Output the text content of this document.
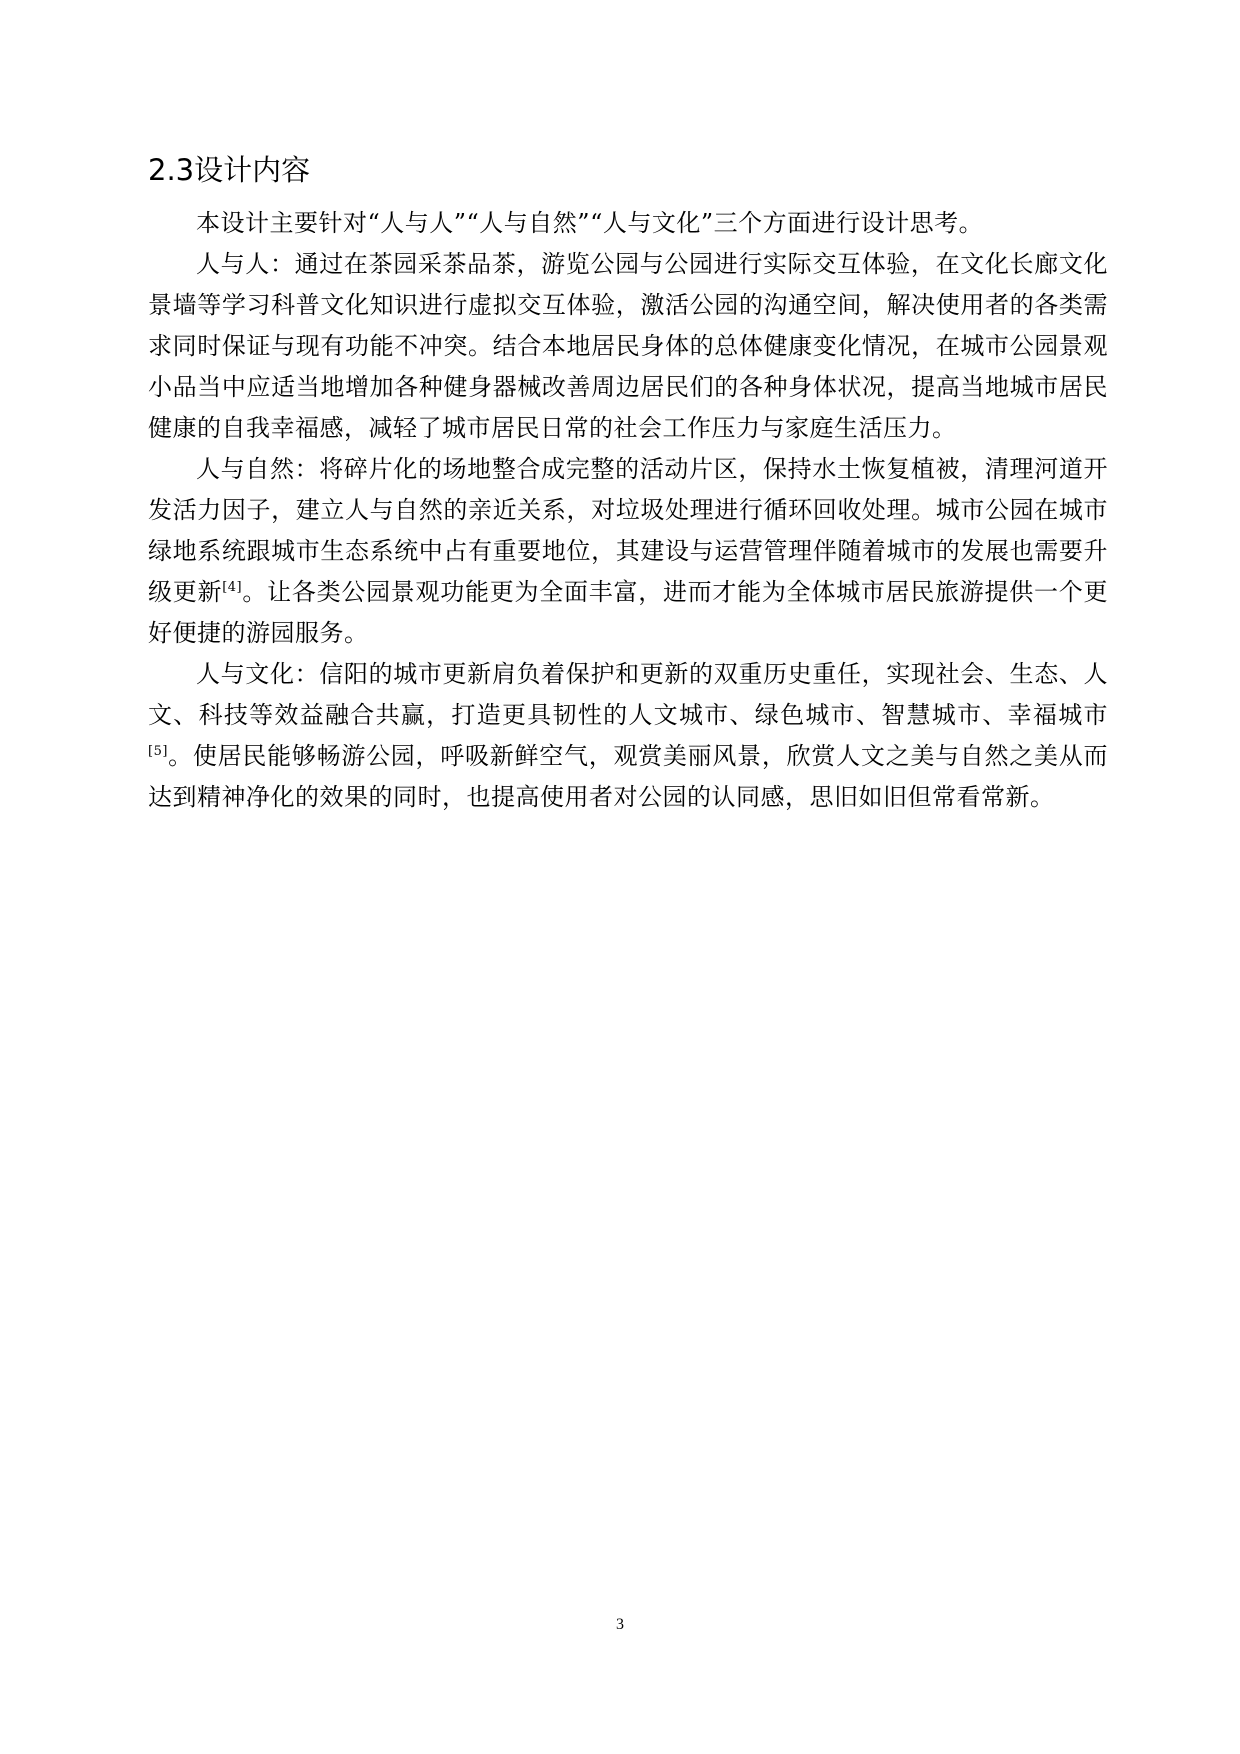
2.3设计内容

本设计主要针对“人与人”“人与自然”“人与文化”三个方面进行设计思考。

人与人：通过在茶园采茶品茶，游览公园与公园进行实际交互体验，在文化长廊文化景墙等学习科普文化知识进行虚拟交互体验，激活公园的沟通空间，解决使用者的各类需求同时保证与现有功能不冲突。结合本地居民身体的总体健康变化情况，在城市公园景观小品当中应适当地增加各种健身器械改善周边居民们的各种身体状况，提高当地城市居民健康的自我幸福感，减轻了城市居民日常的社会工作压力与家庭生活压力。

人与自然：将碎片化的场地整合成完整的活动片区，保持水土恢复植被，清理河道开发活力因子，建立人与自然的亲近关系，对垃圾处理进行循环回收处理。城市公园在城市绿地系统跟城市生态系统中占有重要地位，其建设与运营管理伴随着城市的发展也需要升级更新[4]。让各类公园景观功能更为全面丰富，进而才能为全体城市居民旅游提供一个更好便捷的游园服务。

人与文化：信阳的城市更新肩负着保护和更新的双重历史重任，实现社会、生态、人文、科技等效益融合共赢，打造更具韧性的人文城市、绿色城市、智慧城市、幸福城市[5]。使居民能够畅游公园，呼吸新鲜空气，观赏美丽风景，欣赏人文之美与自然之美从而达到精神净化的效果的同时，也提高使用者对公园的认同感，思旧如旧但常看常新。

3
